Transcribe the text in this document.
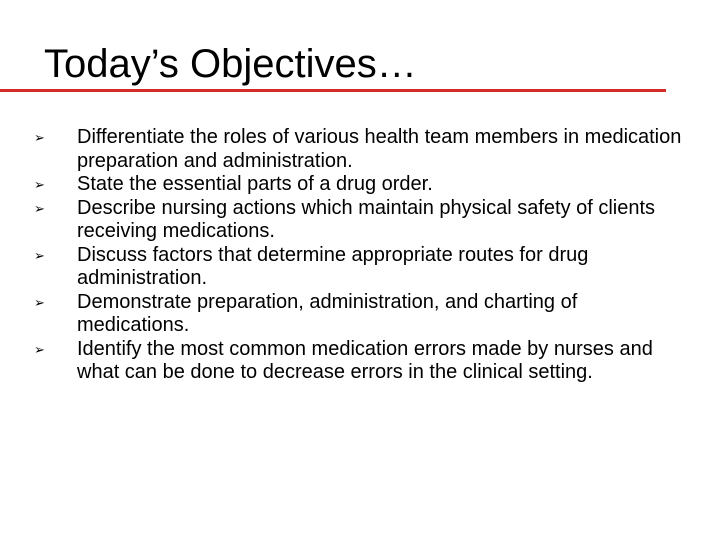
Today’s Objectives…
➢ Differentiate the roles of various health team members in medication preparation and administration.
➢ State the essential parts of a drug order.
➢ Describe nursing actions which maintain physical safety of clients receiving medications.
➢ Discuss factors that determine appropriate routes for drug administration.
➢ Demonstrate preparation, administration, and charting of medications.
➢ Identify the most common medication errors made by nurses and what can be done to decrease errors in the clinical setting.
